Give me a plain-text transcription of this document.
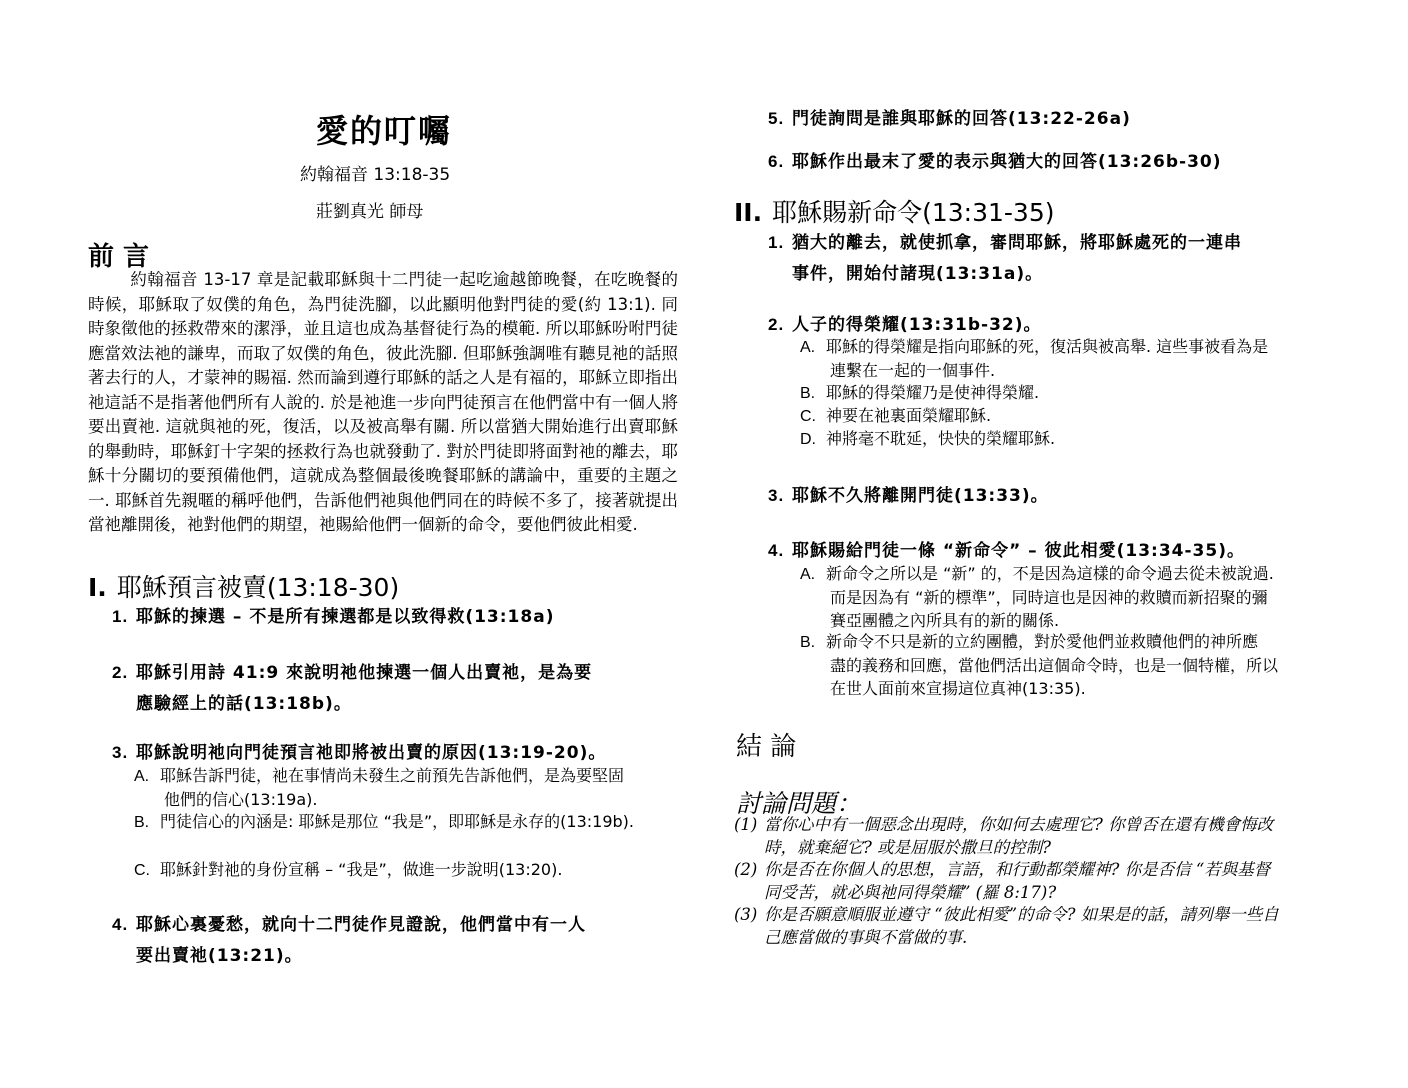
愛的叮囑
約翰福音 13:18-35
莊劉真光 師母
前 言
約翰福音 13-17 章是記載耶穌與十二門徒一起吃逾越節晚餐，在吃晚餐的時候，耶穌取了奴僕的角色，為門徒洗腳，以此顯明他對門徒的愛(約 13:1). 同時象徵他的拯救帶來的潔淨，並且這也成為基督徒行為的模範. 所以耶穌吩咐門徒應當效法祂的謙卑，而取了奴僕的角色，彼此洗腳. 但耶穌強調唯有聽見祂的話照著去行的人，才蒙神的賜福. 然而論到遵行耶穌的話之人是有福的，耶穌立即指出祂這話不是指著他們所有人說的. 於是祂進一步向門徒預言在他們當中有一個人將要出賣祂. 這就與祂的死，復活，以及被高舉有關. 所以當猶大開始進行出賣耶穌的舉動時，耶穌釘十字架的拯救行為也就發動了. 對於門徒即將面對祂的離去，耶穌十分關切的要預備他們，這就成為整個最後晚餐耶穌的講論中，重要的主題之一. 耶穌首先親暱的稱呼他們，告訴他們祂與他們同在的時候不多了，接著就提出當祂離開後，祂對他們的期望，祂賜給他們一個新的命令，要他們彼此相愛.
I. 耶穌預言被賣(13:18-30)
1. 耶穌的揀選 – 不是所有揀選都是以致得救(13:18a)
2. 耶穌引用詩 41:9 來說明祂他揀選一個人出賣祂，是為要
應驗經上的話(13:18b)。
3. 耶穌說明祂向門徒預言祂即將被出賣的原因(13:19-20)。
A. 耶穌告訴門徒，祂在事情尚未發生之前預先告訴他們，是為要堅固
他們的信心(13:19a).
B. 門徒信心的內涵是: 耶穌是那位 “我是”，即耶穌是永存的(13:19b).
C. 耶穌針對祂的身份宣稱 – “我是”，做進一步說明(13:20).
4. 耶穌心裏憂愁，就向十二門徒作見證說，他們當中有一人
要出賣祂(13:21)。
5. 門徒詢問是誰與耶穌的回答(13:22-26a)
6. 耶穌作出最末了愛的表示與猶大的回答(13:26b-30)
II. 耶穌賜新命令(13:31-35)
1. 猶大的離去，就使抓拿，審問耶穌，將耶穌處死的一連串
事件，開始付諸現(13:31a)。
2. 人子的得榮耀(13:31b-32)。
A. 耶穌的得榮耀是指向耶穌的死，復活與被高舉. 這些事被看為是
連繫在一起的一個事件.
B. 耶穌的得榮耀乃是使神得榮耀.
C. 神要在祂裏面榮耀耶穌.
D. 神將毫不耽延，快快的榮耀耶穌.
3. 耶穌不久將離開門徒(13:33)。
4. 耶穌賜給門徒一條 “新命令” – 彼此相愛(13:34-35)。
A. 新命令之所以是 “新” 的，不是因為這樣的命令過去從未被說過.
而是因為有 “新的標準”，同時這也是因神的救贖而新招聚的彌
賽亞團體之內所具有的新的關係.
B. 新命令不只是新的立約團體，對於愛他們並救贖他們的神所應
盡的義務和回應，當他們活出這個命令時，也是一個特權，所以
在世人面前來宣揚這位真神(13:35).
結 論
討論問題：
(1) 當你心中有一個惡念出現時，你如何去處理它? 你曾否在還有機會悔改
時，就棄絕它? 或是屈服於撒旦的控制?
(2) 你是否在你個人的思想，言語，和行動都榮耀神? 你是否信 “若與基督
同受苦，就必與祂同得榮耀” (羅 8:17)?
(3) 你是否願意順服並遵守 “彼此相愛”的命令? 如果是的話，請列舉一些自
己應當做的事與不當做的事.
